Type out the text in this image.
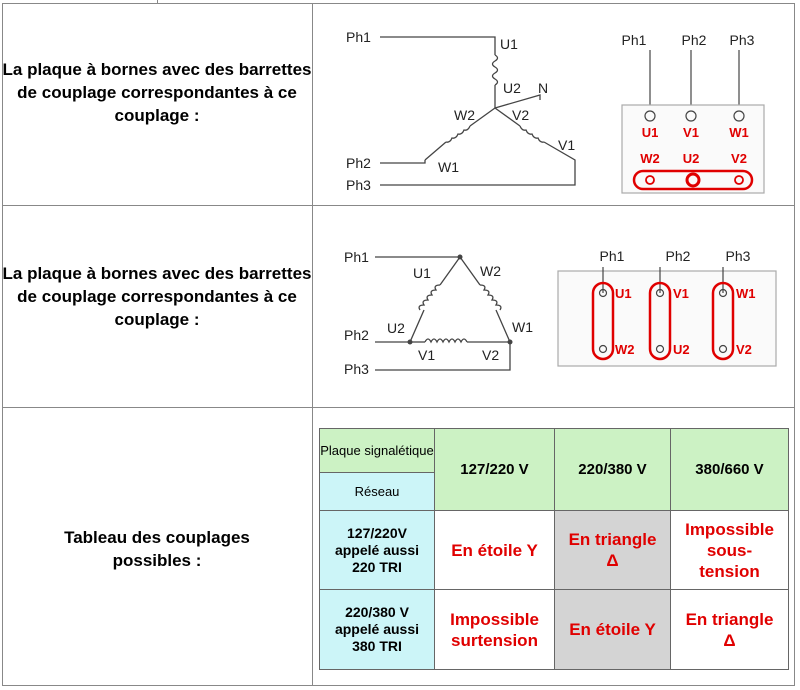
La plaque à bornes avec des barrettes de couplage correspondantes à ce couplage :
La plaque à bornes avec des barrettes de couplage correspondantes à ce couplage :
Tableau des couplages possibles :
Ph1	U1
U2 N
W2	V2
V1
Ph2	W1
Ph3
Ph1	Ph2 Ph3
U1 V1 W1
W2 U2 V2
Ph1
U1	W2
W1
U2
Ph2
V1	V2
Ph3
Ph1	Ph2	Ph3
U1	V1	W1
W2	U2	V2
Plaque signalétique	127/220 V	220/380 V	380/660 V
Réseau			
127/220V appelé aussi 220 TRI	En étoile Y	En triangle Δ	Impossible sous-tension
220/380 V appelé aussi 380 TRI	Impossible surtension	En étoile Y	En triangle Δ
